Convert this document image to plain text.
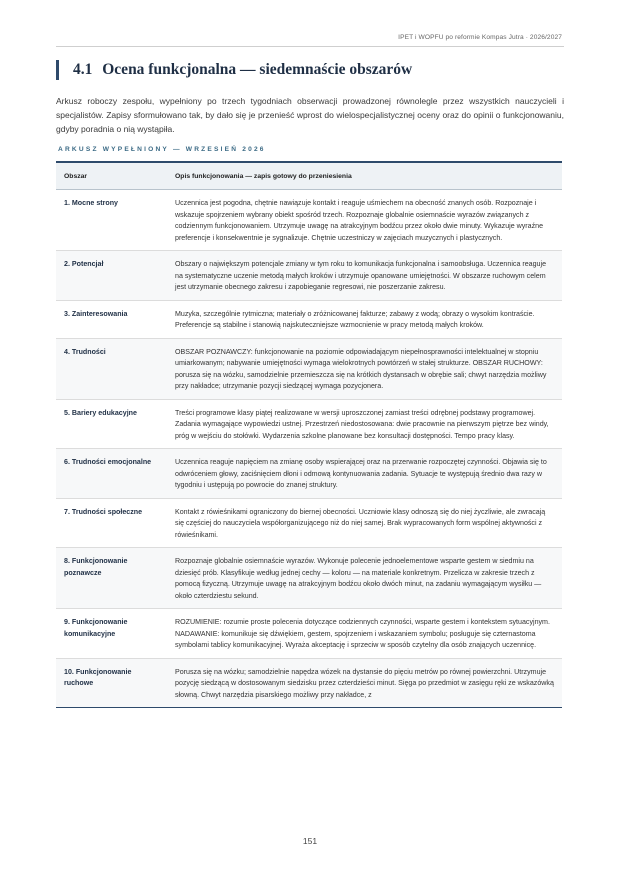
IPET i WOPFU po reformie Kompas Jutra · 2026/2027
4.1 Ocena funkcjonalna — siedemnaście obszarów

Arkusz roboczy zespołu, wypełniony po trzech tygodniach obserwacji prowadzonej równolegle przez wszystkich nauczycieli i specjalistów. Zapisy sformułowano tak, by dało się je przenieść wprost do wielospecjalistycznej oceny oraz do opinii o funkcjonowaniu, gdyby poradnia o nią wystąpiła.

ARKUSZ WYPEŁNIONY — WRZESIEŃ 2026
Obszar	Opis funkcjonowania — zapis gotowy do przeniesienia
1. Mocne strony	Uczennica jest pogodna, chętnie nawiązuje kontakt i reaguje uśmiechem na obecność znanych osób. Rozpoznaje i wskazuje spojrzeniem wybrany obiekt spośród trzech. Rozpoznaje globalnie osiemnaście wyrazów związanych z codziennym funkcjonowaniem. Utrzymuje uwagę na atrakcyjnym bodźcu przez około dwie minuty. Wykazuje wyraźne preferencje i konsekwentnie je sygnalizuje. Chętnie uczestniczy w zajęciach muzycznych i plastycznych.
2. Potencjał	Obszary o największym potencjale zmiany w tym roku to komunikacja funkcjonalna i samoobsługa. Uczennica reaguje na systematyczne uczenie metodą małych kroków i utrzymuje opanowane umiejętności. W obszarze ruchowym celem jest utrzymanie obecnego zakresu i zapobieganie regresowi, nie poszerzanie zakresu.
3. Zainteresowania	Muzyka, szczególnie rytmiczna; materiały o zróżnicowanej fakturze; zabawy z wodą; obrazy o wysokim kontraście. Preferencje są stabilne i stanowią najskuteczniejsze wzmocnienie w pracy metodą małych kroków.
4. Trudności	OBSZAR POZNAWCZY: funkcjonowanie na poziomie odpowiadającym niepełnosprawności intelektualnej w stopniu umiarkowanym; nabywanie umiejętności wymaga wielokrotnych powtórzeń w stałej strukturze. OBSZAR RUCHOWY: porusza się na wózku, samodzielnie przemieszcza się na krótkich dystansach w obrębie sali; chwyt narzędzia możliwy przy nakładce; utrzymanie pozycji siedzącej wymaga pozycjonera.
5. Bariery edukacyjne	Treści programowe klasy piątej realizowane w wersji uproszczonej zamiast treści odrębnej podstawy programowej. Zadania wymagające wypowiedzi ustnej. Przestrzeń niedostosowana: dwie pracownie na pierwszym piętrze bez windy, próg w wejściu do stołówki. Wydarzenia szkolne planowane bez konsultacji dostępności. Tempo pracy klasy.
6. Trudności emocjonalne	Uczennica reaguje napięciem na zmianę osoby wspierającej oraz na przerwanie rozpoczętej czynności. Objawia się to odwróceniem głowy, zaciśnięciem dłoni i odmową kontynuowania zadania. Sytuacje te występują średnio dwa razy w tygodniu i ustępują po powrocie do znanej struktury.
7. Trudności społeczne	Kontakt z rówieśnikami ograniczony do biernej obecności. Uczniowie klasy odnoszą się do niej życzliwie, ale zwracają się częściej do nauczyciela współorganizującego niż do niej samej. Brak wypracowanych form wspólnej aktywności z rówieśnikami.
8. Funkcjonowanie poznawcze	Rozpoznaje globalnie osiemnaście wyrazów. Wykonuje polecenie jednoelementowe wsparte gestem w siedmiu na dziesięć prób. Klasyfikuje według jednej cechy — koloru — na materiale konkretnym. Przelicza w zakresie trzech z pomocą fizyczną. Utrzymuje uwagę na atrakcyjnym bodźcu około dwóch minut, na zadaniu wymagającym wysiłku — około czterdziestu sekund.
9. Funkcjonowanie komunikacyjne	ROZUMIENIE: rozumie proste polecenia dotyczące codziennych czynności, wsparte gestem i kontekstem sytuacyjnym. NADAWANIE: komunikuje się dźwiękiem, gestem, spojrzeniem i wskazaniem symbolu; posługuje się czternastoma symbolami tablicy komunikacyjnej. Wyraża akceptację i sprzeciw w sposób czytelny dla osób znających uczennicę.
10. Funkcjonowanie ruchowe	Porusza się na wózku; samodzielnie napędza wózek na dystansie do pięciu metrów po równej powierzchni. Utrzymuje pozycję siedzącą w dostosowanym siedzisku przez czterdzieści minut. Sięga po przedmiot w zasięgu ręki ze wskazówką słowną. Chwyt narzędzia pisarskiego możliwy przy nakładce, z
151
